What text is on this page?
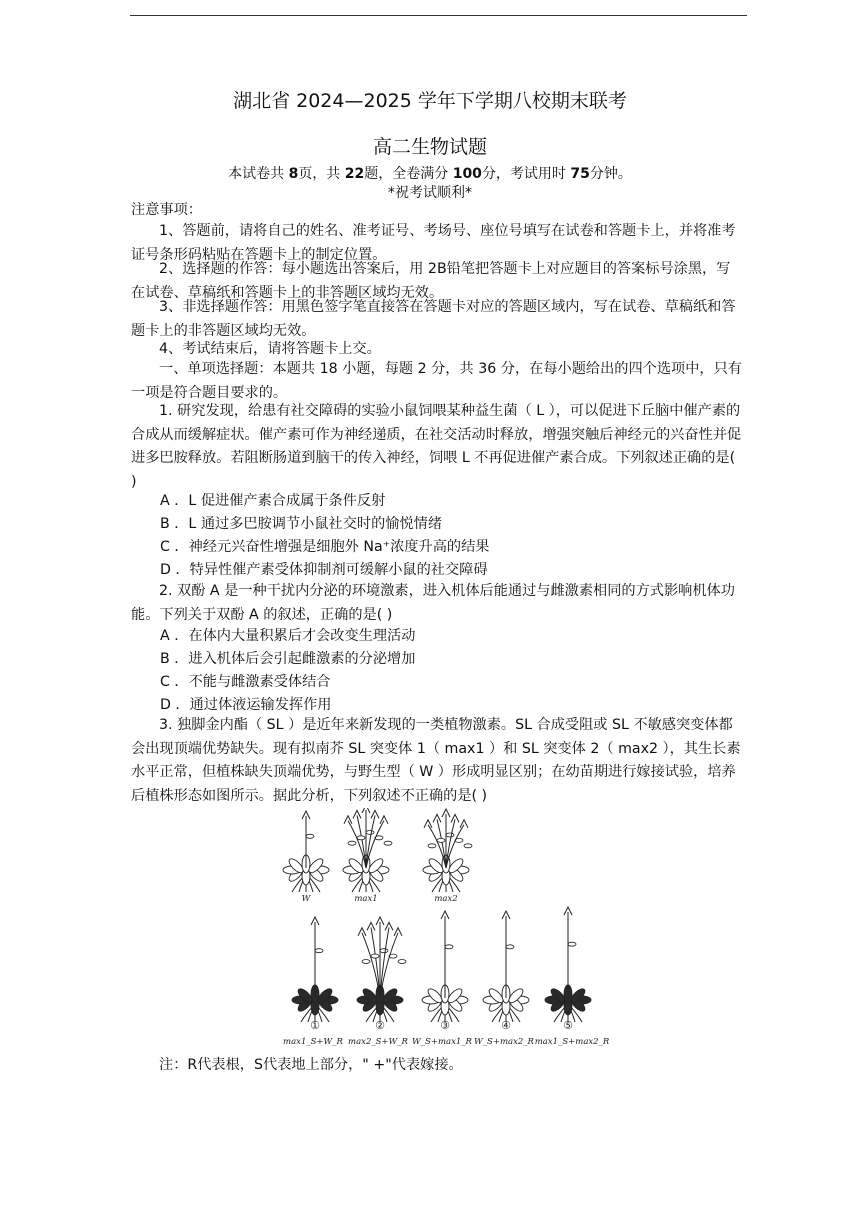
湖北省 2024—2025 学年下学期八校期末联考
高二生物试题
本试卷共 8页，共 22题，全卷满分 100分，考试用时 75分钟。
*祝考试顺利*
注意事项：
1、答题前，请将自己的姓名、准考证号、考场号、座位号填写在试卷和答题卡上，并将准考证号条形码粘贴在答题卡上的制定位置。
2、选择题的作答：每小题选出答案后，用 2B铅笔把答题卡上对应题目的答案标号涂黑，写在试卷、草稿纸和答题卡上的非答题区域均无效。
3、非选择题作答：用黑色签字笔直接答在答题卡对应的答题区域内，写在试卷、草稿纸和答题卡上的非答题区域均无效。
4、考试结束后，请将答题卡上交。
一、单项选择题：本题共 18 小题，每题 2 分，共 36 分，在每小题给出的四个选项中，只有一项是符合题目要求的。
1. 研究发现，给患有社交障碍的实验小鼠饲喂某种益生菌（ L ），可以促进下丘脑中催产素的合成从而缓解症状。催产素可作为神经递质，在社交活动时释放，增强突触后神经元的兴奋性并促进多巴胺释放。若阻断肠道到脑干的传入神经，饲喂 L 不再促进催产素合成。下列叙述正确的是( )
A ．L 促进催产素合成属于条件反射
B ．L 通过多巴胺调节小鼠社交时的愉悦情绪
C ．神经元兴奋性增强是细胞外 Na⁺浓度升高的结果
D ．特异性催产素受体抑制剂可缓解小鼠的社交障碍
2. 双酚 A 是一种干扰内分泌的环境激素，进入机体后能通过与雌激素相同的方式影响机体功能。下列关于双酚 A 的叙述，正确的是( )
A ．在体内大量积累后才会改变生理活动
B ．进入机体后会引起雌激素的分泌增加
C ．不能与雌激素受体结合
D ．通过体液运输发挥作用
3. 独脚金内酯（ SL ）是近年来新发现的一类植物激素。SL 合成受阻或 SL 不敏感突变体都会出现顶端优势缺失。现有拟南芥 SL 突变体 1（ max1 ）和 SL 突变体 2（ max2 ），其生长素水平正常，但植株缺失顶端优势，与野生型（ W ）形成明显区别；在幼苗期进行嫁接试验，培养后植株形态如图所示。据此分析，下列叙述不正确的是( )
W	max1	max2
①	②	③	④	⑤
max1_S+W_R max2_S+W_R W_S+max1_R W_S+max2_R max1_S+max2_R
注：R代表根，S代表地上部分，" +"代表嫁接。
